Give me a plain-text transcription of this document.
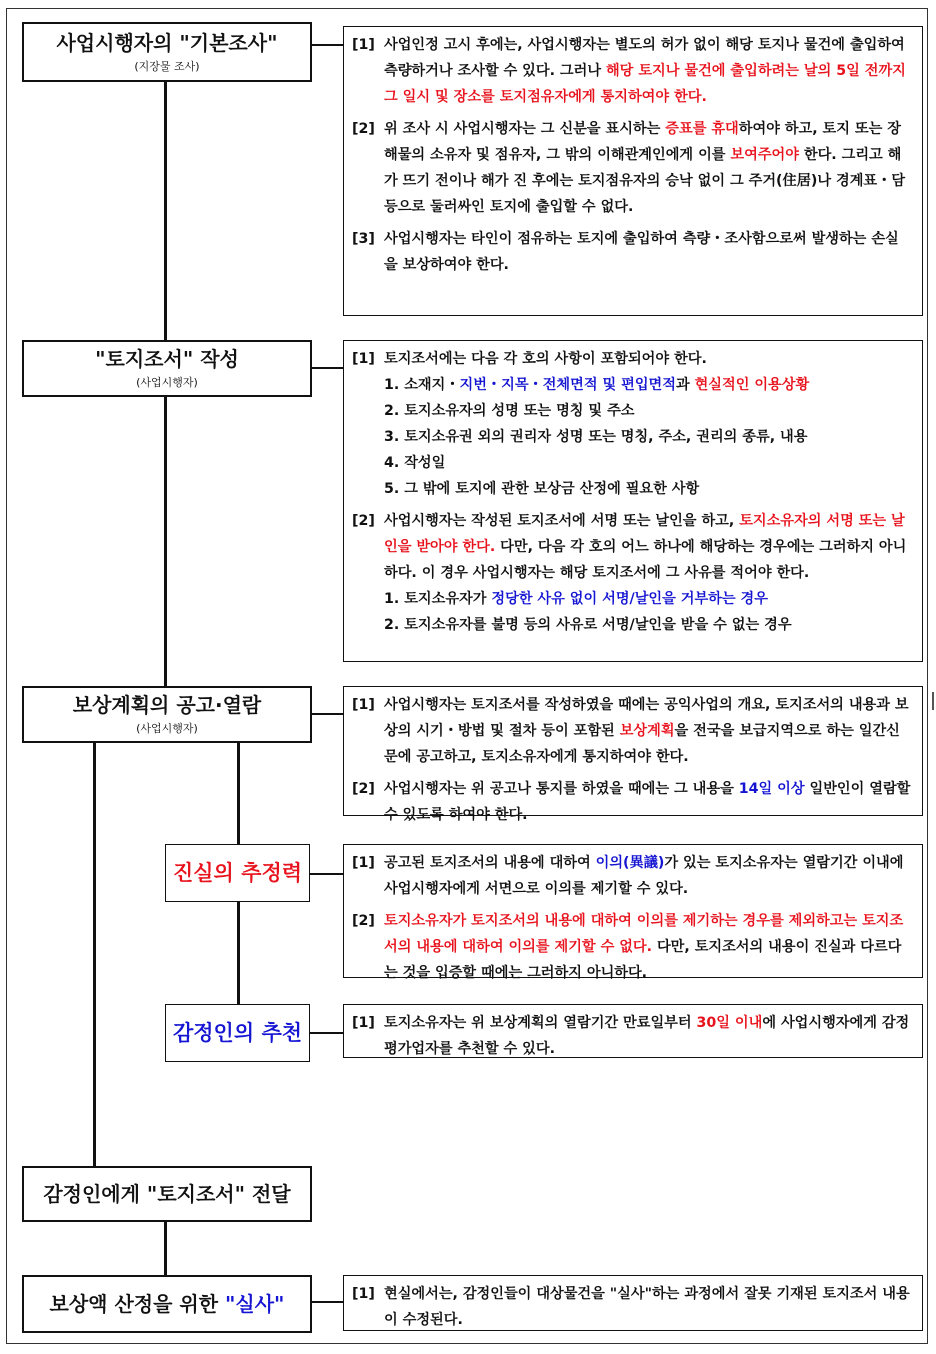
사업시행자의 "기본조사"
(지장물 조사)
"토지조서" 작성
(사업시행자)
보상계획의 공고·열람
(사업시행자)
진실의 추정력
감정인의 추천
감정인에게 "토지조서" 전달
보상액 산정을 위한 "실사"
[1] 사업인정 고시 후에는, 사업시행자는 별도의 허가 없이 해당 토지나 물건에 출입하여 측량하거나 조사할 수 있다. 그러나 해당 토지나 물건에 출입하려는 날의 5일 전까지 그 일시 및 장소를 토지점유자에게 통지하여야 한다.
[2] 위 조사 시 사업시행자는 그 신분을 표시하는 증표를 휴대하여야 하고, 토지 또는 장해물의 소유자 및 점유자, 그 밖의 이해관계인에게 이를 보여주어야 한다. 그리고 해가 뜨기 전이나 해가 진 후에는 토지점유자의 승낙 없이 그 주거(住居)나 경계표・담 등으로 둘러싸인 토지에 출입할 수 없다.
[3] 사업시행자는 타인이 점유하는 토지에 출입하여 측량・조사함으로써 발생하는 손실을 보상하여야 한다.
[1] 토지조서에는 다음 각 호의 사항이 포함되어야 한다.
1. 소재지・지번・지목・전체면적 및 편입면적과 현실적인 이용상황
2. 토지소유자의 성명 또는 명칭 및 주소
3. 토지소유권 외의 권리자 성명 또는 명칭, 주소, 권리의 종류, 내용
4. 작성일
5. 그 밖에 토지에 관한 보상금 산정에 필요한 사항
[2] 사업시행자는 작성된 토지조서에 서명 또는 날인을 하고, 토지소유자의 서명 또는 날인을 받아야 한다. 다만, 다음 각 호의 어느 하나에 해당하는 경우에는 그러하지 아니하다. 이 경우 사업시행자는 해당 토지조서에 그 사유를 적어야 한다.
1. 토지소유자가 정당한 사유 없이 서명/날인을 거부하는 경우
2. 토지소유자를 불명 등의 사유로 서명/날인을 받을 수 없는 경우
[1] 사업시행자는 토지조서를 작성하였을 때에는 공익사업의 개요, 토지조서의 내용과 보상의 시기・방법 및 절차 등이 포함된 보상계획을 전국을 보급지역으로 하는 일간신문에 공고하고, 토지소유자에게 통지하여야 한다.
[2] 사업시행자는 위 공고나 통지를 하였을 때에는 그 내용을 14일 이상 일반인이 열람할 수 있도록 하여야 한다.
[1] 공고된 토지조서의 내용에 대하여 이의(異議)가 있는 토지소유자는 열람기간 이내에 사업시행자에게 서면으로 이의를 제기할 수 있다.
[2] 토지소유자가 토지조서의 내용에 대하여 이의를 제기하는 경우를 제외하고는 토지조서의 내용에 대하여 이의를 제기할 수 없다. 다만, 토지조서의 내용이 진실과 다르다는 것을 입증할 때에는 그러하지 아니하다.
[1] 토지소유자는 위 보상계획의 열람기간 만료일부터 30일 이내에 사업시행자에게 감정평가업자를 추천할 수 있다.
[1] 현실에서는, 감정인들이 대상물건을 "실사"하는 과정에서 잘못 기재된 토지조서 내용이 수정된다.
